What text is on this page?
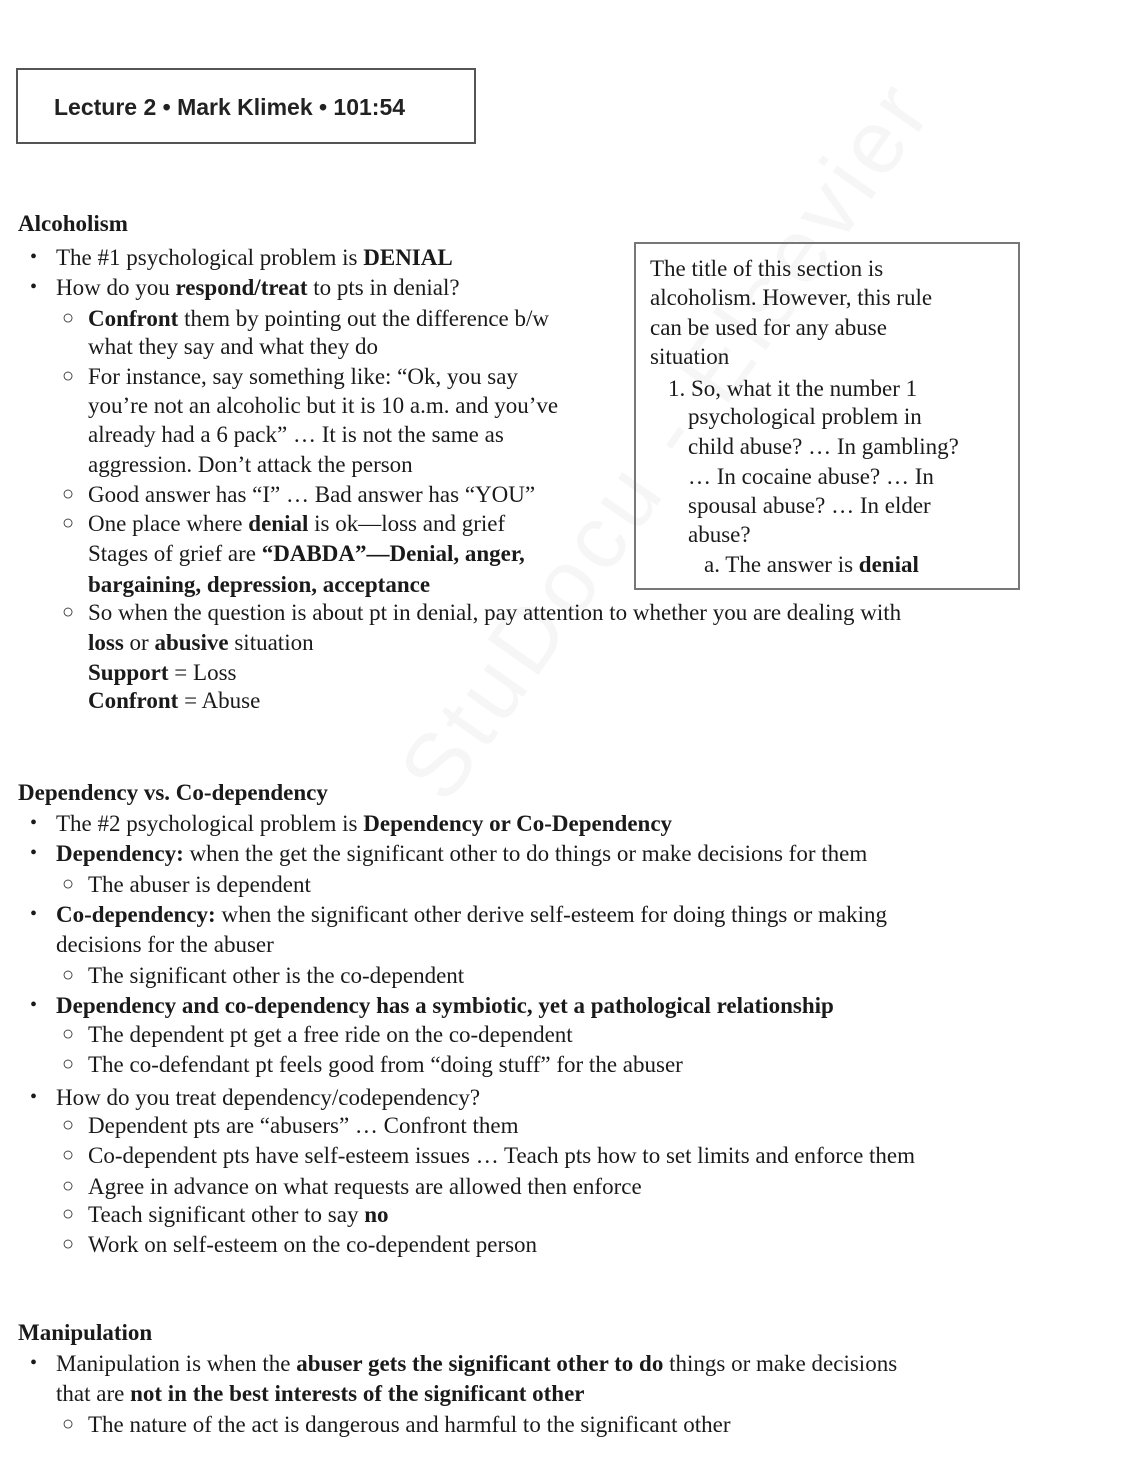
Lecture 2 • Mark Klimek • 101:54
Alcoholism
• The #1 psychological problem is DENIAL
• How do you respond/treat to pts in denial?
○ Confront them by pointing out the difference b/w
what they say and what they do
○ For instance, say something like: “Ok, you say
you’re not an alcoholic but it is 10 a.m. and you’ve
already had a 6 pack” … It is not the same as
aggression. Don’t attack the person
○ Good answer has “I” … Bad answer has “YOU”
○ One place where denial is ok—loss and grief
Stages of grief are “DABDA”—Denial, anger,
bargaining, depression, acceptance
○ So when the question is about pt in denial, pay attention to whether you are dealing with
loss or abusive situation
Support = Loss
Confront = Abuse
The title of this section is
alcoholism. However, this rule
can be used for any abuse
situation
1. So, what it the number 1
psychological problem in
child abuse? … In gambling?
… In cocaine abuse? … In
spousal abuse? … In elder
abuse?
a. The answer is denial
Dependency vs. Co-dependency
• The #2 psychological problem is Dependency or Co-Dependency
• Dependency: when the get the significant other to do things or make decisions for them
○ The abuser is dependent
• Co-dependency: when the significant other derive self-esteem for doing things or making
decisions for the abuser
○ The significant other is the co-dependent
• Dependency and co-dependency has a symbiotic, yet a pathological relationship
○ The dependent pt get a free ride on the co-dependent
○ The co-defendant pt feels good from “doing stuff” for the abuser
• How do you treat dependency/codependency?
○ Dependent pts are “abusers” … Confront them
○ Co-dependent pts have self-esteem issues … Teach pts how to set limits and enforce them
○ Agree in advance on what requests are allowed then enforce
○ Teach significant other to say no
○ Work on self-esteem on the co-dependent person
Manipulation
• Manipulation is when the abuser gets the significant other to do things or make decisions
that are not in the best interests of the significant other
○ The nature of the act is dangerous and harmful to the significant other
